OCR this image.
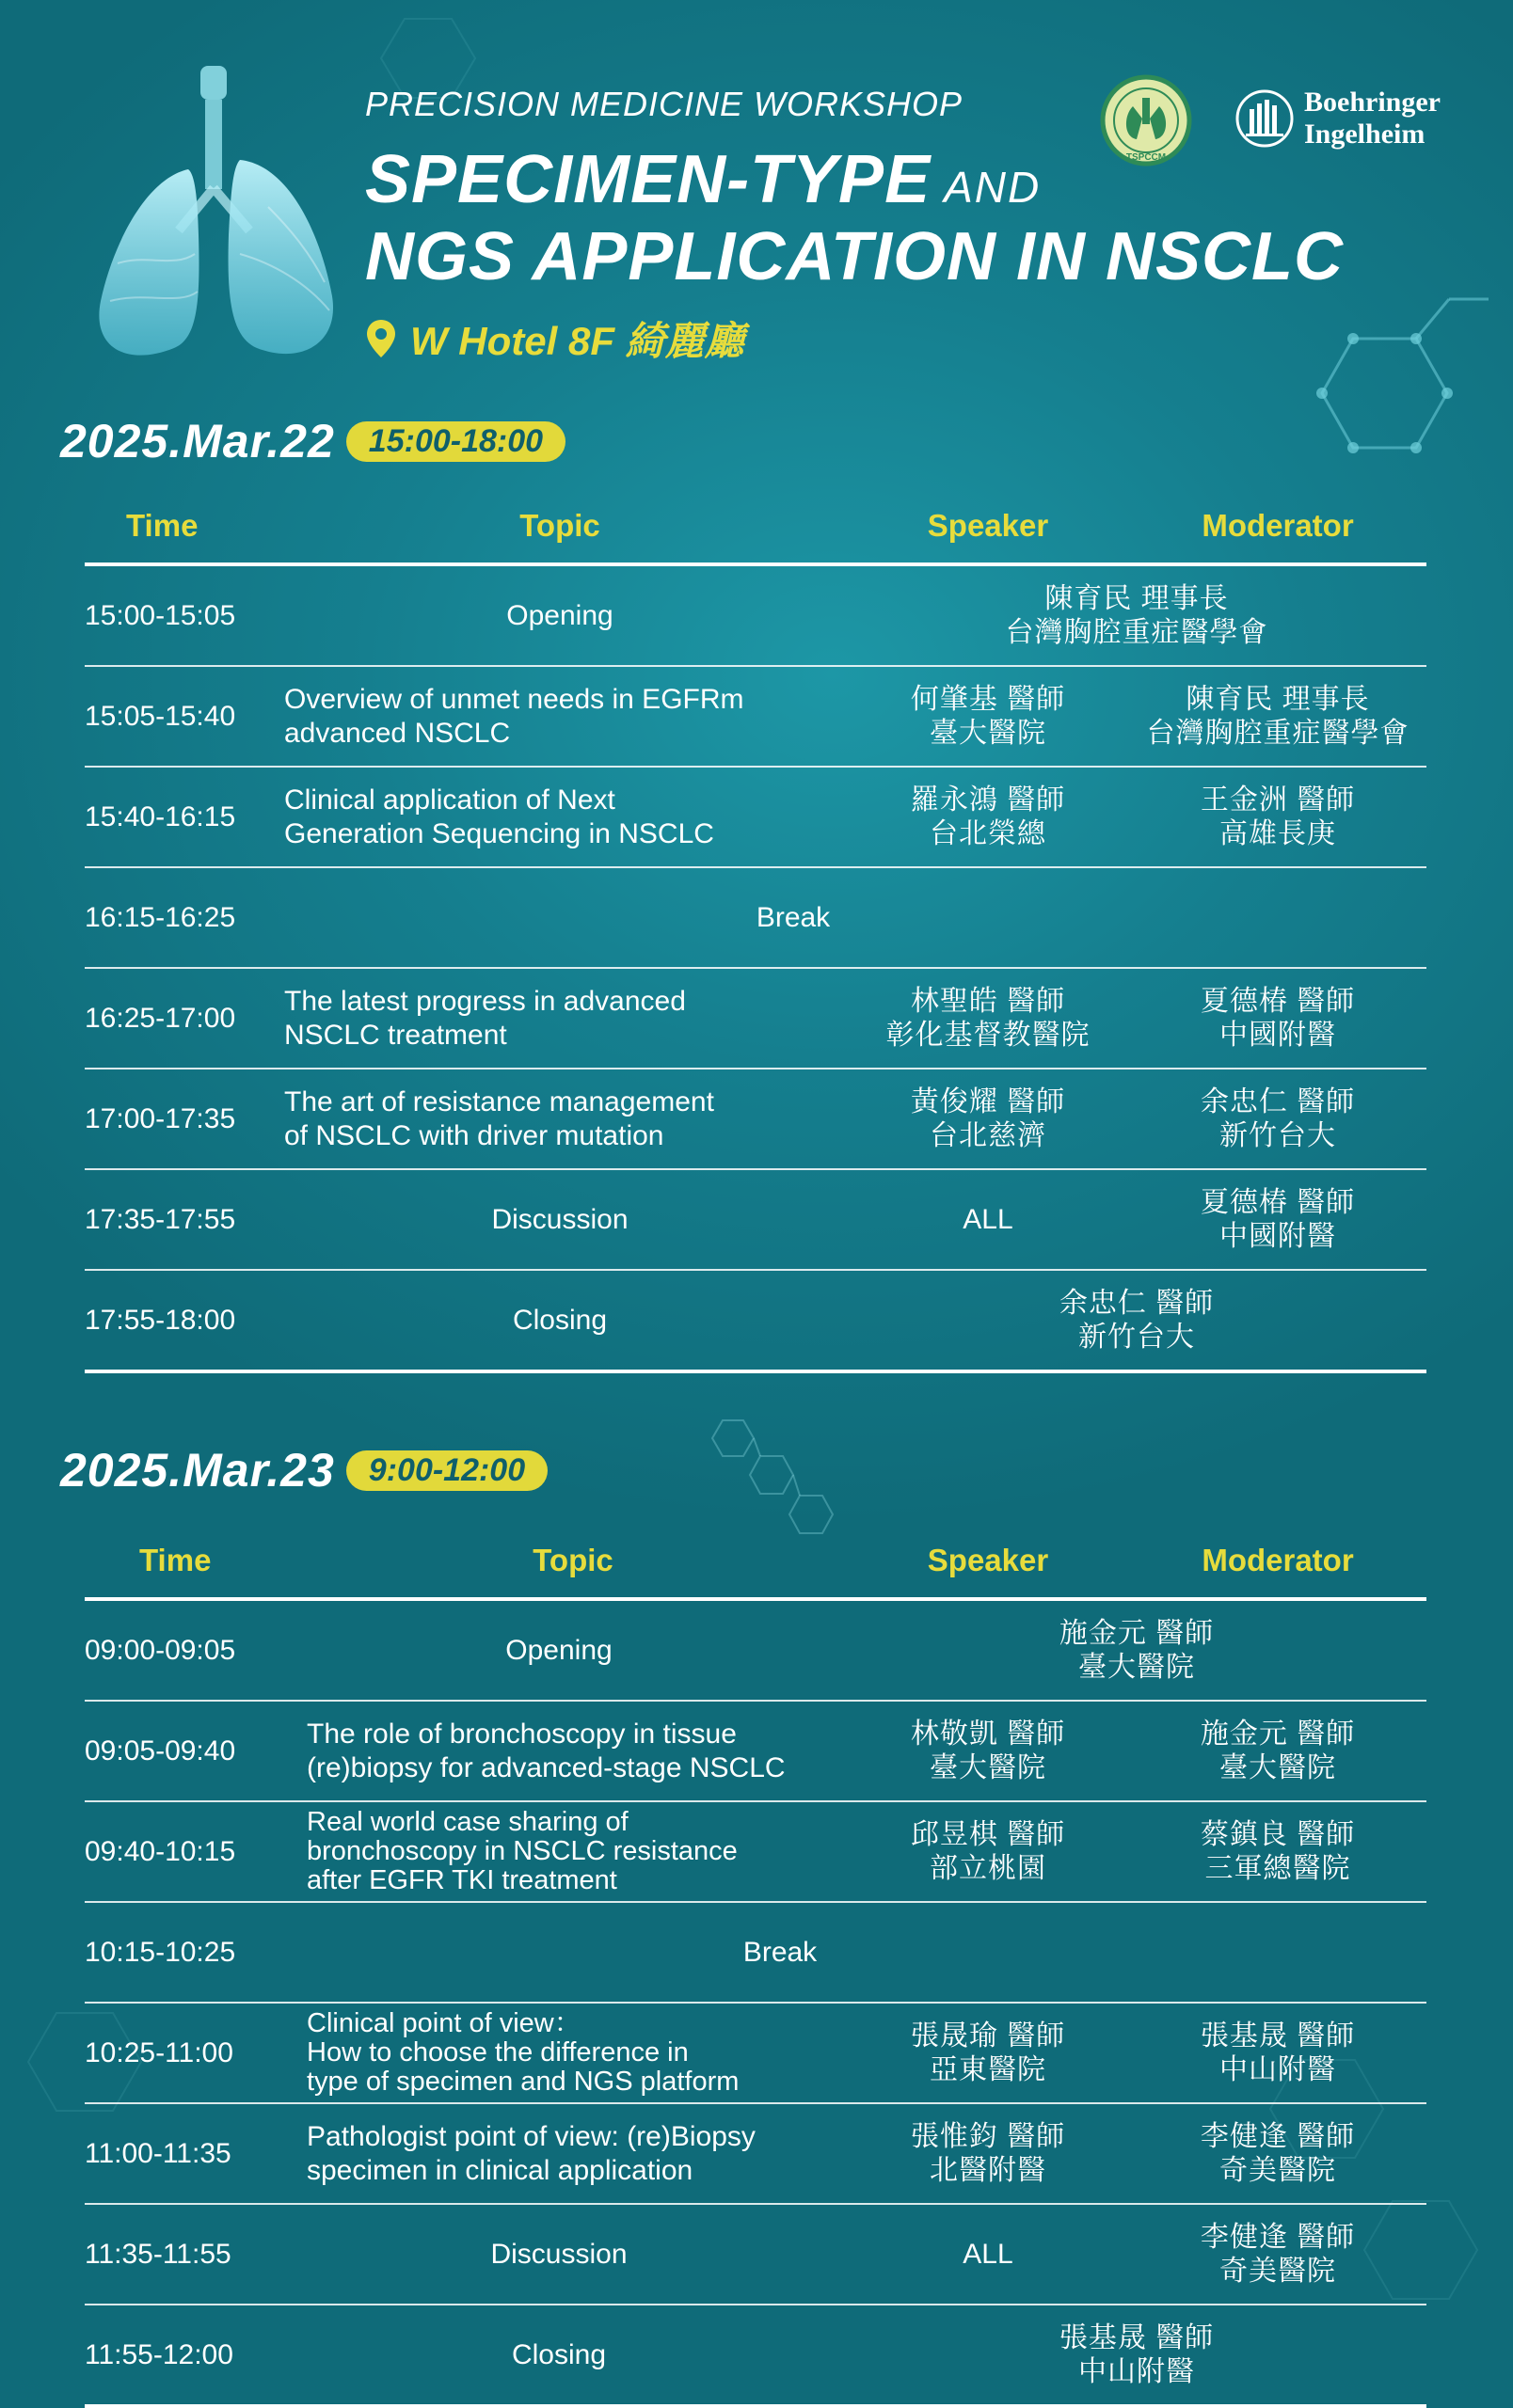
PRECISION MEDICINE WORKSHOP
SPECIMEN-TYPE AND
NGS APPLICATION IN NSCLC
W Hotel 8F 綺麗廳
TSPCCM
Boehringer
Ingelheim
2025.Mar.22	15:00-18:00
Time	Topic	Speaker	Moderator
15:00-15:05	Opening	陳育民 理事長
台灣胸腔重症醫學會	

15:05-15:40	Overview of unmet needs in EGFRm
advanced NSCLC	何肇基 醫師
臺大醫院	陳育民 理事長
台灣胸腔重症醫學會

15:40-16:15	Clinical application of Next
Generation Sequencing in NSCLC	羅永鴻 醫師
台北榮總	王金洲 醫師
高雄長庚

16:15-16:25	Break		
16:25-17:00	The latest progress in advanced
NSCLC treatment	林聖皓 醫師
彰化基督教醫院	夏德椿 醫師
中國附醫

17:00-17:35	The art of resistance management
of NSCLC with driver mutation	黃俊耀 醫師
台北慈濟	余忠仁 醫師
新竹台大

17:35-17:55	Discussion	ALL	夏德椿 醫師
中國附醫

17:55-18:00	Closing	余忠仁 醫師
新竹台大	
2025.Mar.23	9:00-12:00
Time	Topic	Speaker	Moderator
09:00-09:05	Opening	施金元 醫師
臺大醫院	

09:05-09:40	The role of bronchoscopy in tissue
(re)biopsy for advanced-stage NSCLC	林敬凱 醫師
臺大醫院	施金元 醫師
臺大醫院

09:40-10:15	Real world case sharing of
bronchoscopy in NSCLC resistance
after EGFR TKI treatment	邱昱棋 醫師
部立桃園	蔡鎮良 醫師
三軍總醫院

10:15-10:25	Break		
10:25-11:00	Clinical point of view：
How to choose the difference in
type of specimen and NGS platform	張晟瑜 醫師
亞東醫院	張基晟 醫師
中山附醫

11:00-11:35	Pathologist point of view: (re)Biopsy
specimen in clinical application	張惟鈞 醫師
北醫附醫	李健逢 醫師
奇美醫院

11:35-11:55	Discussion	ALL	李健逢 醫師
奇美醫院

11:55-12:00	Closing	張基晟 醫師
中山附醫	
